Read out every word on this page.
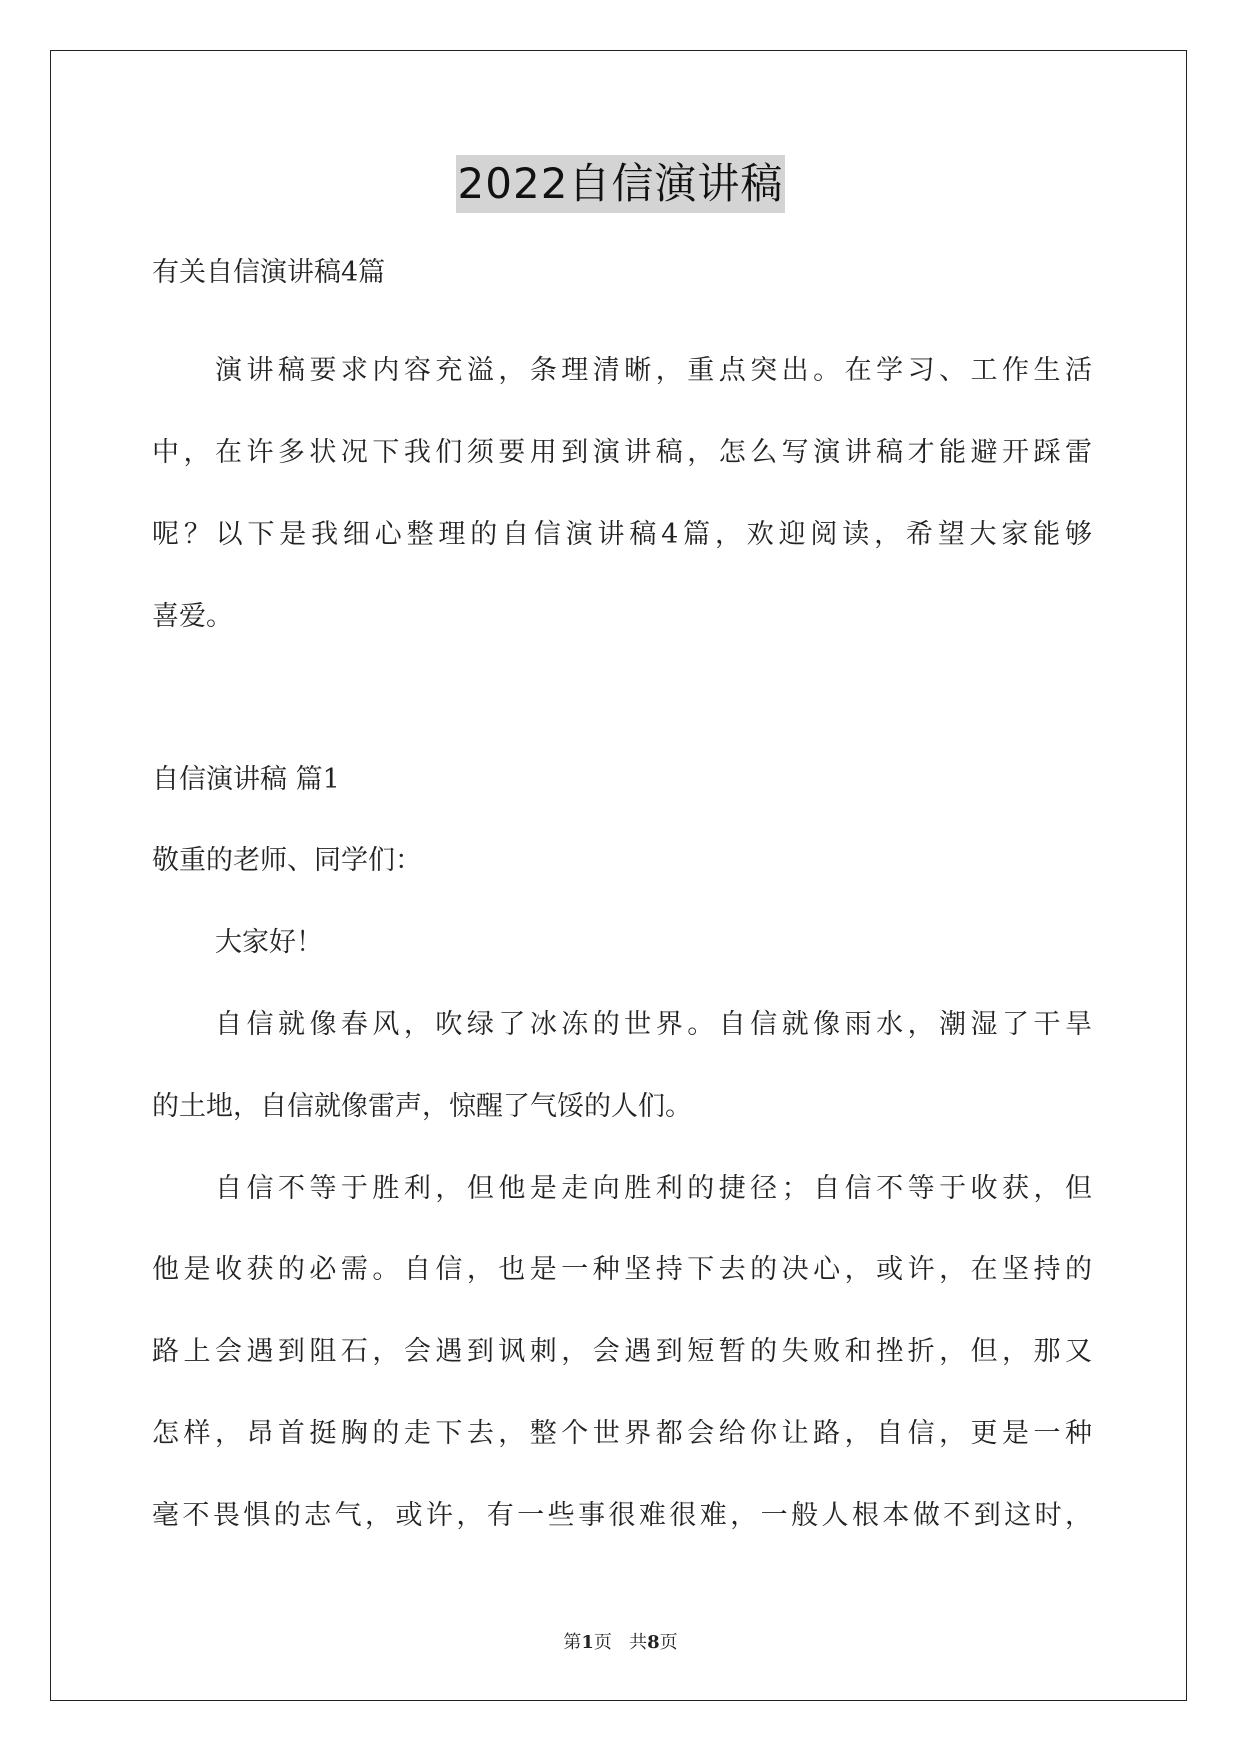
2022自信演讲稿
有关自信演讲稿4篇
演讲稿要求内容充溢，条理清晰，重点突出。在学习、工作生活
中，在许多状况下我们须要用到演讲稿，怎么写演讲稿才能避开踩雷
呢？以下是我细心整理的自信演讲稿4篇，欢迎阅读，希望大家能够
喜爱。
自信演讲稿 篇1
敬重的老师、同学们：
大家好！
自信就像春风，吹绿了冰冻的世界。自信就像雨水，潮湿了干旱
的土地，自信就像雷声，惊醒了气馁的人们。
自信不等于胜利，但他是走向胜利的捷径；自信不等于收获，但
他是收获的必需。自信，也是一种坚持下去的决心，或许，在坚持的
路上会遇到阻石，会遇到讽刺，会遇到短暂的失败和挫折，但，那又
怎样，昂首挺胸的走下去，整个世界都会给你让路，自信，更是一种
毫不畏惧的志气，或许，有一些事很难很难，一般人根本做不到这时，
第1页   共8页
